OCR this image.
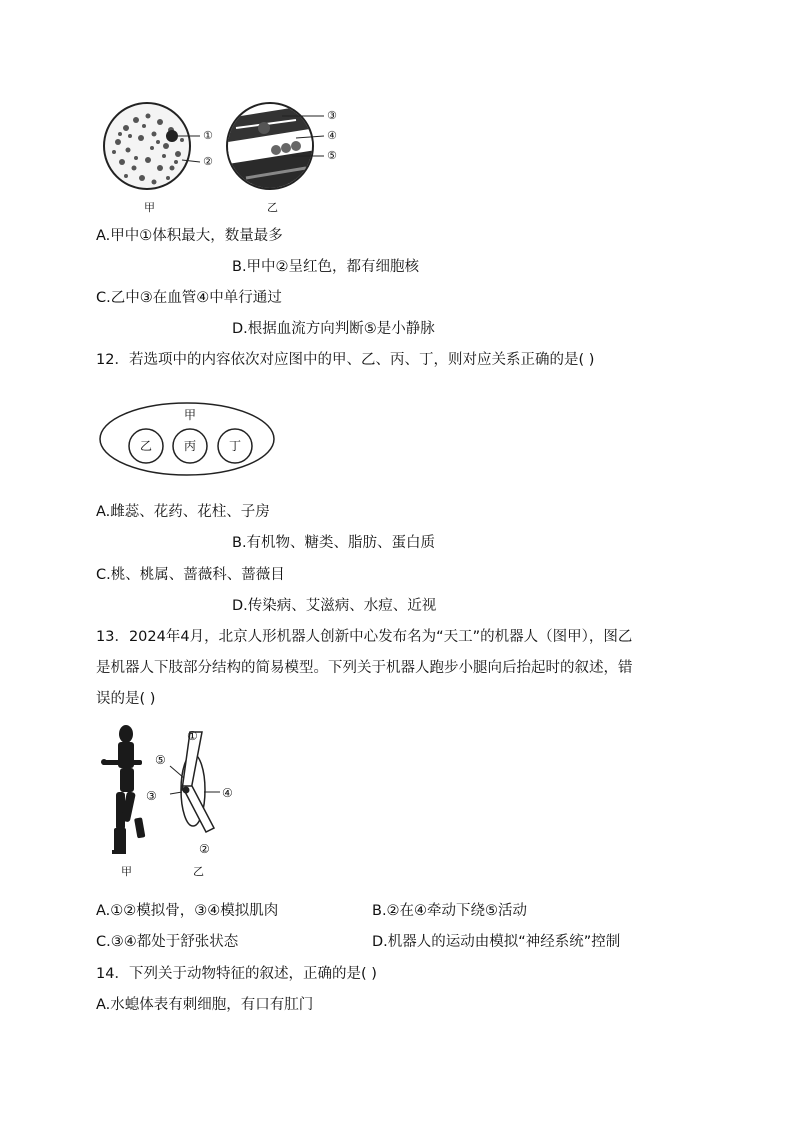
①
②
③
④
⑤
甲	乙
A.甲中①体积最大，数量最多
B.甲中②呈红色，都有细胞核
C.乙中③在血管④中单行通过
D.根据血流方向判断⑤是小静脉
12．若选项中的内容依次对应图中的甲、乙、丙、丁，则对应关系正确的是( )
甲
乙	丙	丁
A.雌蕊、花药、花柱、子房
B.有机物、糖类、脂肪、蛋白质
C.桃、桃属、蔷薇科、蔷薇目
D.传染病、艾滋病、水痘、近视
13．2024年4月，北京人形机器人创新中心发布名为“天工”的机器人（图甲），图乙
是机器人下肢部分结构的简易模型。下列关于机器人跑步小腿向后抬起时的叙述，错
误的是( )
①
②
③	④
⑤
甲	乙
A.①②模拟骨，③④模拟肌肉	B.②在④牵动下绕⑤活动
C.③④都处于舒张状态	D.机器人的运动由模拟“神经系统”控制
14．下列关于动物特征的叙述，正确的是( )
A.水螅体表有刺细胞，有口有肛门
